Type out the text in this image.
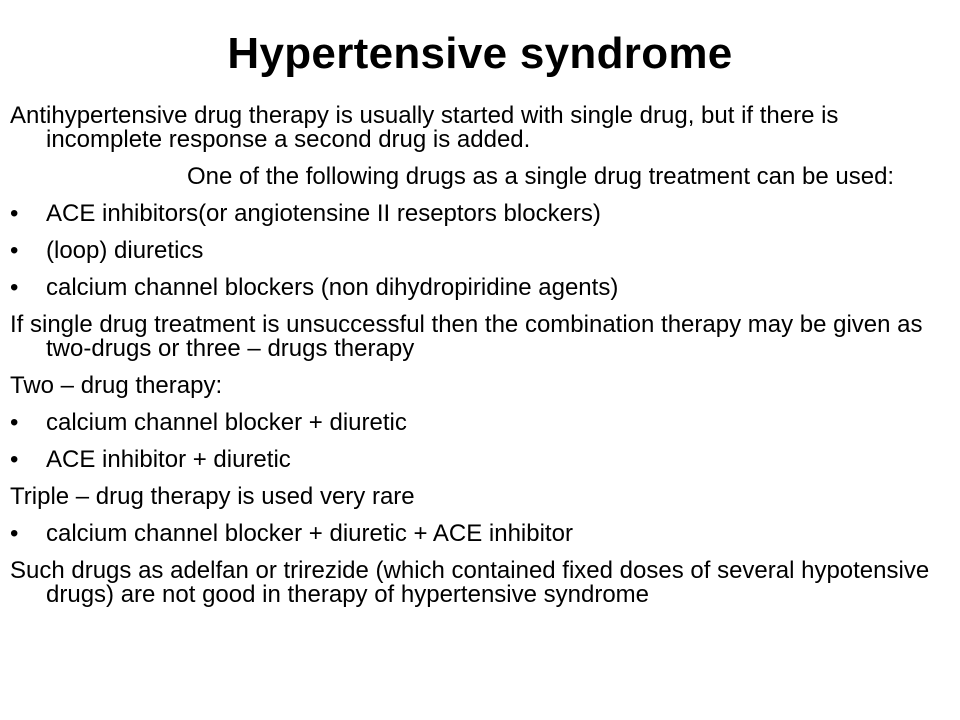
Hypertensive syndrome
Antihypertensive drug therapy is usually started with single drug, but if there is incomplete response a second drug is added.
One of the following drugs as a single drug treatment can be used:
• ACE inhibitors(or angiotensine II reseptors blockers)
• (loop) diuretics
• calcium channel blockers (non dihydropiridine agents)
If single drug treatment is unsuccessful then the combination therapy may be given as two-drugs or three – drugs therapy
Two – drug therapy:
• calcium channel blocker + diuretic
• ACE inhibitor + diuretic
Triple – drug therapy is used very rare
• calcium channel blocker + diuretic + ACE inhibitor
Such drugs as adelfan or trirezide (which contained fixed doses of several hypotensive drugs) are not good in therapy of hypertensive syndrome
